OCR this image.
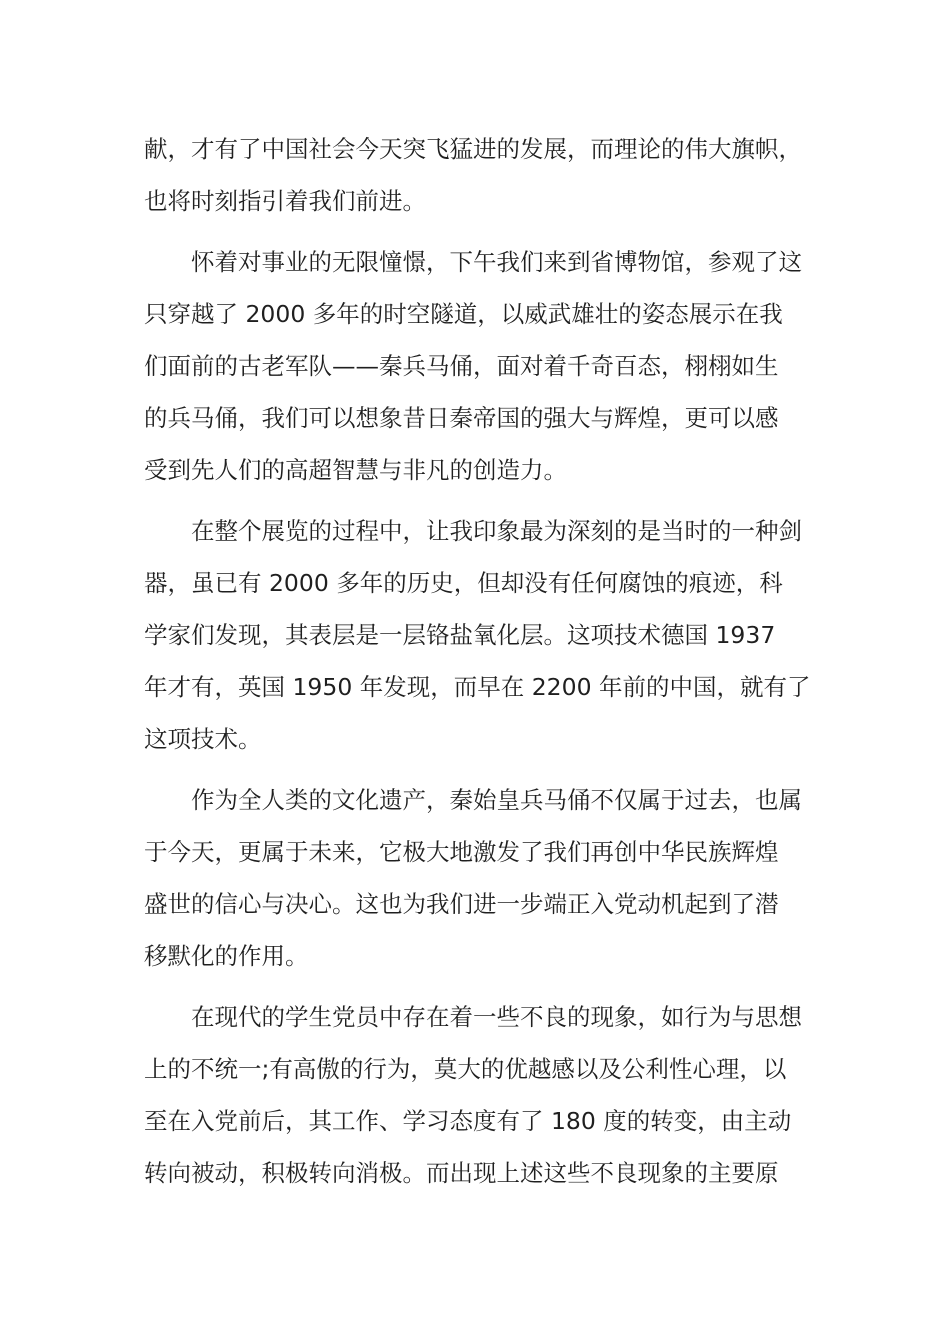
献，才有了中国社会今天突飞猛进的发展，而理论的伟大旗帜，
也将时刻指引着我们前进。
怀着对事业的无限憧憬，下午我们来到省博物馆，参观了这
只穿越了 2000 多年的时空隧道，以威武雄壮的姿态展示在我
们面前的古老军队——秦兵马俑，面对着千奇百态，栩栩如生
的兵马俑，我们可以想象昔日秦帝国的强大与辉煌，更可以感
受到先人们的高超智慧与非凡的创造力。
在整个展览的过程中，让我印象最为深刻的是当时的一种剑
器，虽已有 2000 多年的历史，但却没有任何腐蚀的痕迹，科
学家们发现，其表层是一层铬盐氧化层。这项技术德国 1937
年才有，英国 1950 年发现，而早在 2200 年前的中国，就有了
这项技术。
作为全人类的文化遗产，秦始皇兵马俑不仅属于过去，也属
于今天，更属于未来，它极大地激发了我们再创中华民族辉煌
盛世的信心与决心。这也为我们进一步端正入党动机起到了潜
移默化的作用。
在现代的学生党员中存在着一些不良的现象，如行为与思想
上的不统一;有高傲的行为，莫大的优越感以及公利性心理，以
至在入党前后，其工作、学习态度有了 180 度的转变，由主动
转向被动，积极转向消极。而出现上述这些不良现象的主要原
